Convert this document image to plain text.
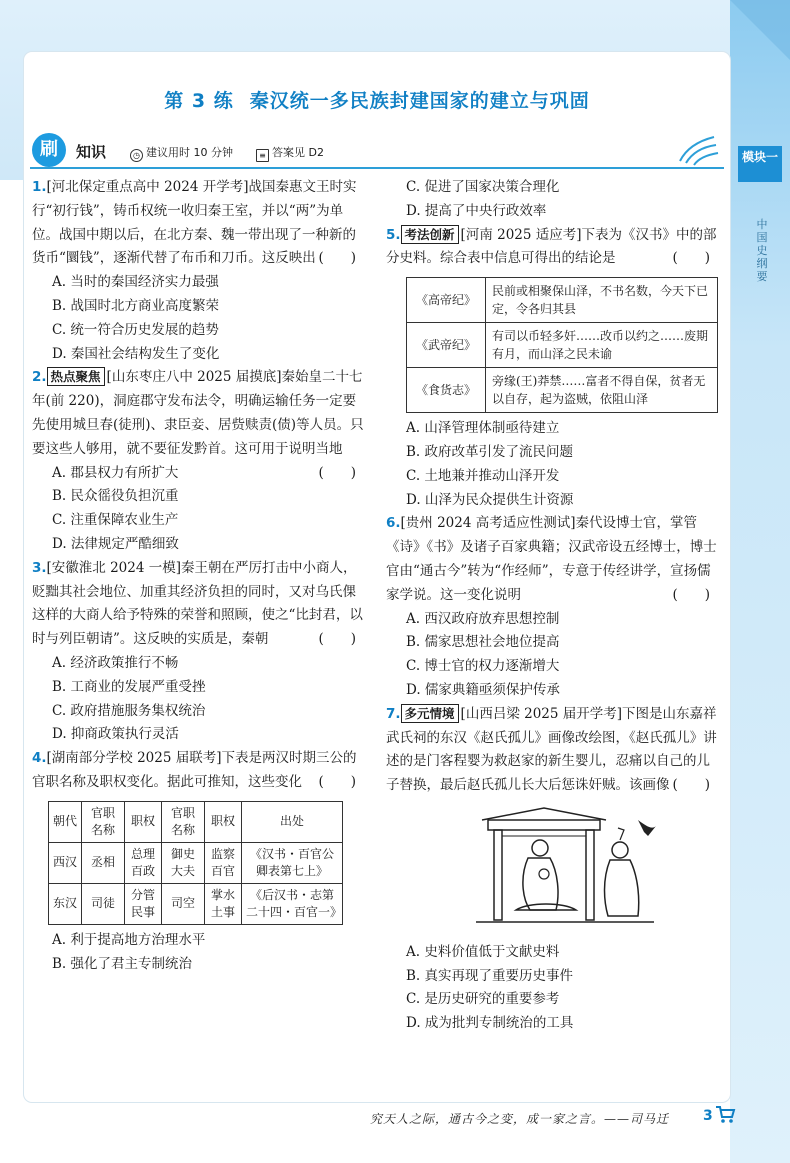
第 3 练 秦汉统一多民族封建国家的建立与巩固
刷	知识	◷ 建议用时 10 分钟	≡ 答案见 D2	模块一
中国史纲要
1.[河北保定重点高中 2024 开学考]战国秦惠文王时实行“初行钱”，铸币权统一收归秦王室，并以“两”为单位。战国中期以后，在北方秦、魏一带出现了一种新的货币“圜钱”，逐渐代替了布币和刀币。这反映出 (　　)
A. 当时的秦国经济实力最强
B. 战国时北方商业高度繁荣
C. 统一符合历史发展的趋势
D. 秦国社会结构发生了变化
2. 热点聚焦 [山东枣庄八中 2025 届摸底]秦始皇二十七年(前 220)，洞庭郡守发布法令，明确运输任务一定要先使用城旦春(徒刑)、隶臣妾、居赀赎责(债)等人员。只要这些人够用，就不要征发黔首。这可用于说明当地
(　　)
A. 郡县权力有所扩大
B. 民众徭役负担沉重
C. 注重保障农业生产
D. 法律规定严酷细致
3.[安徽淮北 2024 一模]秦王朝在严厉打击中小商人，贬黜其社会地位、加重其经济负担的同时，又对乌氏倮这样的大商人给予特殊的荣誉和照顾，使之“比封君，以时与列臣朝请”。这反映的实质是，秦朝	(　　)
A. 经济政策推行不畅
B. 工商业的发展严重受挫
C. 政府措施服务集权统治
D. 抑商政策执行灵活
4.[湖南部分学校 2025 届联考]下表是两汉时期三公的官职名称及职权变化。据此可推知，这些变化 (　　)
朝代	官职名称	职权	官职名称	职权	出处
西汉	丞相	总理百政	御史大夫	监察百官	《汉书・百官公卿表第七上》
东汉	司徒	分管民事	司空	掌水土事	《后汉书・志第二十四・百官一》
A. 利于提高地方治理水平
B. 强化了君主专制统治
C. 促进了国家决策合理化
D. 提高了中央行政效率
5. 考法创新 [河南 2025 适应考]下表为《汉书》中的部分史料。综合表中信息可得出的结论是	(　　)
《高帝纪》	民前或相聚保山泽，不书名数，今天下已定，令各归其县
《武帝纪》	有司以币轻多奸……改币以约之……废期有月，而山泽之民未谕
《食货志》	旁缘(王)莽禁……富者不得自保，贫者无以自存，起为盗贼，依阻山泽
A. 山泽管理体制亟待建立
B. 政府改革引发了流民问题
C. 土地兼并推动山泽开发
D. 山泽为民众提供生计资源
6.[贵州 2024 高考适应性测试]秦代设博士官，掌管《诗》《书》及诸子百家典籍；汉武帝设五经博士，博士官由“通古今”转为“作经师”，专意于传经讲学，宣扬儒家学说。这一变化说明	(　　)
A. 西汉政府放弃思想控制
B. 儒家思想社会地位提高
C. 博士官的权力逐渐增大
D. 儒家典籍亟须保护传承
7. 多元情境 [山西吕梁 2025 届开学考]下图是山东嘉祥武氏祠的东汉《赵氏孤儿》画像改绘图，《赵氏孤儿》讲述的是门客程婴为救赵家的新生婴儿，忍痛以自己的儿子替换，最后赵氏孤儿长大后惩诛奸贼。该画像 (　　)
A. 史料价值低于文献史料
B. 真实再现了重要历史事件
C. 是历史研究的重要参考
D. 成为批判专制统治的工具
究天人之际，通古今之变，成一家之言。——司马迁 3
